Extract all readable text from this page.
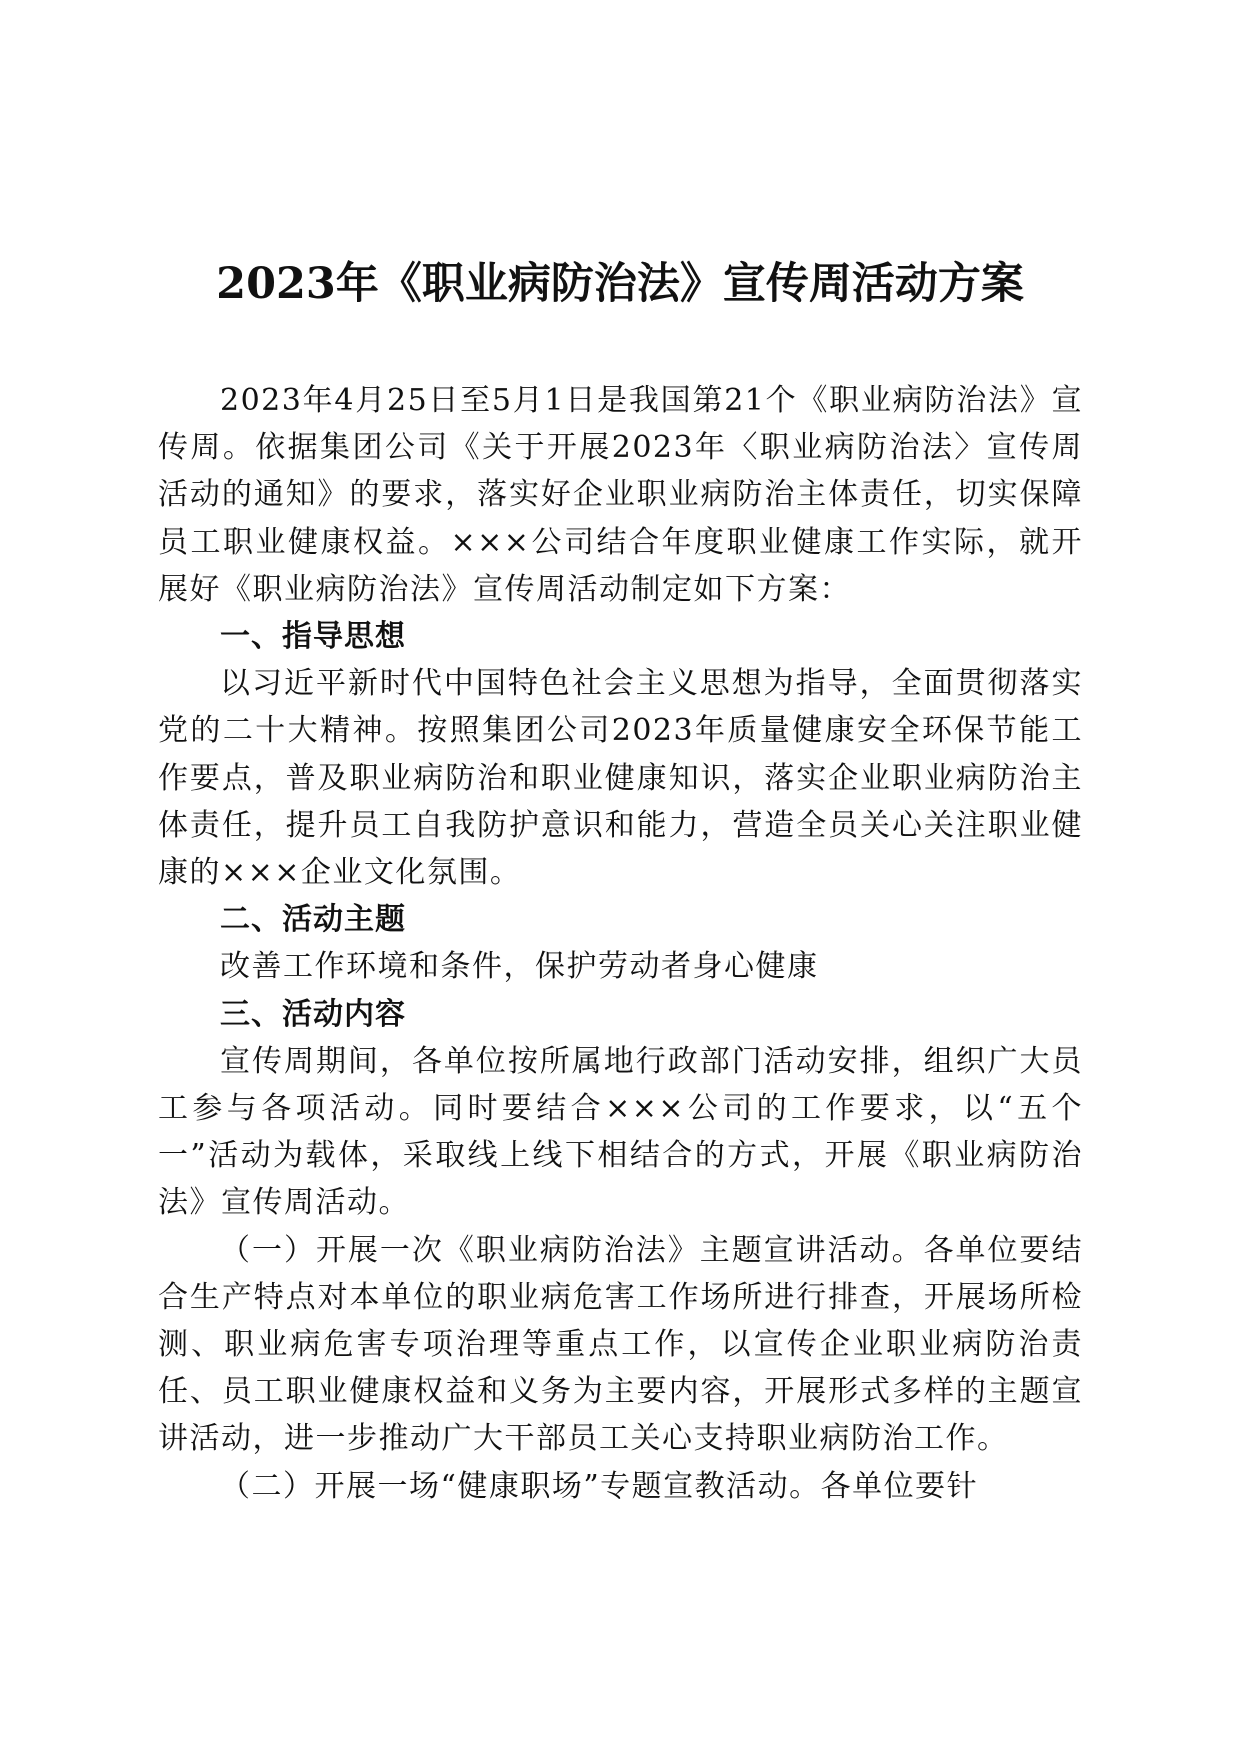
2023年《职业病防治法》宣传周活动方案

2023年4月25日至5月1日是我国第21个《职业病防治法》宣传周。依据集团公司《关于开展2023年〈职业病防治法〉宣传周活动的通知》的要求，落实好企业职业病防治主体责任，切实保障员工职业健康权益。×××公司结合年度职业健康工作实际，就开展好《职业病防治法》宣传周活动制定如下方案：

一、指导思想

以习近平新时代中国特色社会主义思想为指导，全面贯彻落实党的二十大精神。按照集团公司2023年质量健康安全环保节能工作要点，普及职业病防治和职业健康知识，落实企业职业病防治主体责任，提升员工自我防护意识和能力，营造全员关心关注职业健康的×××企业文化氛围。

二、活动主题

改善工作环境和条件，保护劳动者身心健康

三、活动内容

宣传周期间，各单位按所属地行政部门活动安排，组织广大员工参与各项活动。同时要结合×××公司的工作要求，以“五个一”活动为载体，采取线上线下相结合的方式，开展《职业病防治法》宣传周活动。

（一）开展一次《职业病防治法》主题宣讲活动。各单位要结合生产特点对本单位的职业病危害工作场所进行排查，开展场所检测、职业病危害专项治理等重点工作，以宣传企业职业病防治责任、员工职业健康权益和义务为主要内容，开展形式多样的主题宣讲活动，进一步推动广大干部员工关心支持职业病防治工作。

（二）开展一场“健康职场”专题宣教活动。各单位要针
